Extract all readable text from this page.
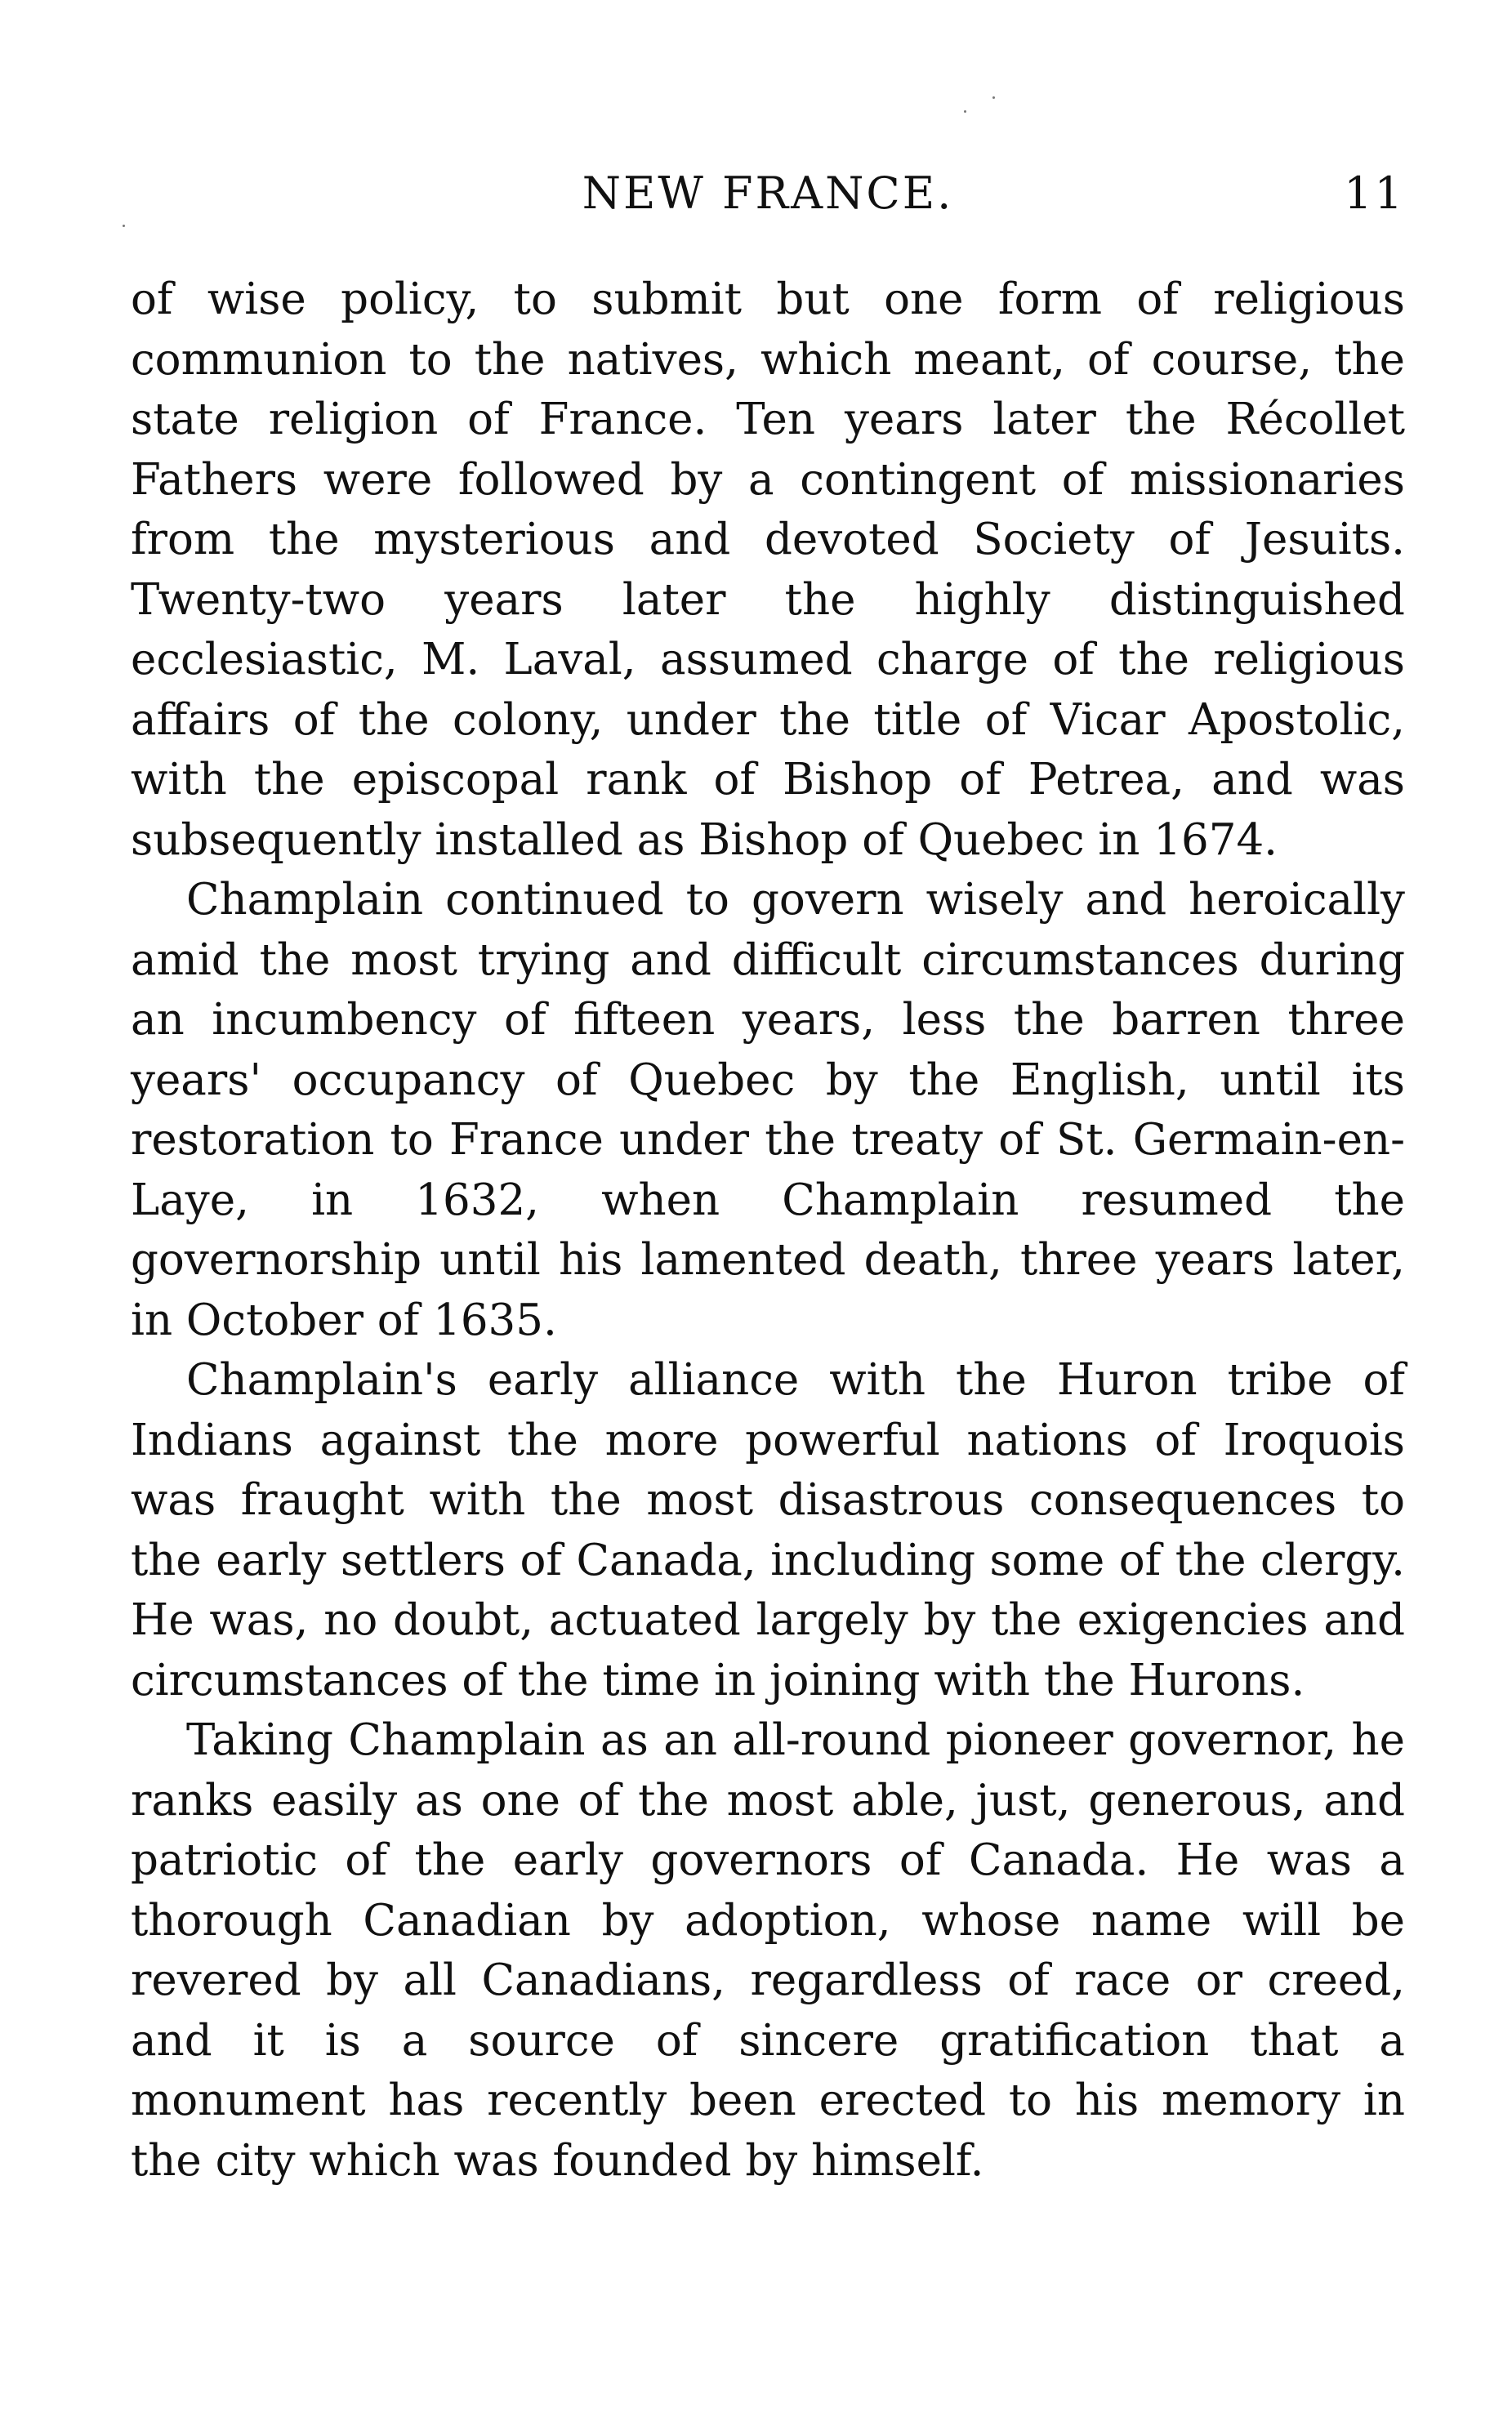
NEW FRANCE.	11

of wise policy, to submit but one form of religious communion to the natives, which meant, of course, the state religion of France. Ten years later the Récollet Fathers were followed by a contingent of missionaries from the mysterious and devoted Society of Jesuits. Twenty-two years later the highly distinguished ecclesiastic, M. Laval, assumed charge of the religious affairs of the colony, under the title of Vicar Apostolic, with the episcopal rank of Bishop of Petrea, and was subsequently installed as Bishop of Quebec in 1674.

Champlain continued to govern wisely and heroically amid the most trying and difficult circumstances during an incumbency of fifteen years, less the barren three years' occupancy of Quebec by the English, until its restoration to France under the treaty of St. Germain-en-Laye, in 1632, when Champlain resumed the governorship until his lamented death, three years later, in October of 1635.

Champlain's early alliance with the Huron tribe of Indians against the more powerful nations of Iroquois was fraught with the most disastrous consequences to the early settlers of Canada, including some of the clergy. He was, no doubt, actuated largely by the exigencies and circumstances of the time in joining with the Hurons.

Taking Champlain as an all-round pioneer governor, he ranks easily as one of the most able, just, generous, and patriotic of the early governors of Canada. He was a thorough Canadian by adoption, whose name will be revered by all Canadians, regardless of race or creed, and it is a source of sincere gratification that a monument has recently been erected to his memory in the city which was founded by himself.
